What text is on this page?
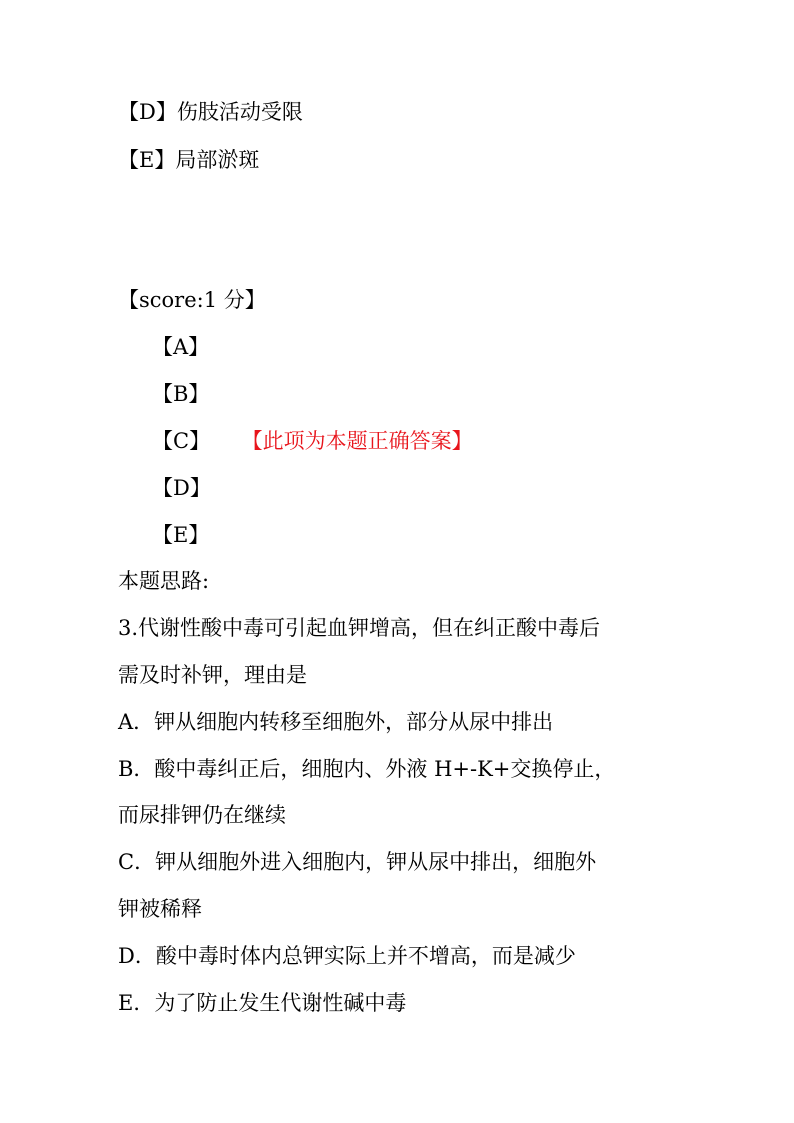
【D】伤肢活动受限
【E】局部淤斑
【score:1 分】
【A】
【B】
【C】 【此项为本题正确答案】
【D】
【E】
本题思路:
3.代谢性酸中毒可引起血钾增高，但在纠正酸中毒后
需及时补钾，理由是
A．钾从细胞内转移至细胞外，部分从尿中排出
B．酸中毒纠正后，细胞内、外液 H+-K+交换停止，
而尿排钾仍在继续
C．钾从细胞外进入细胞内，钾从尿中排出，细胞外
钾被稀释
D．酸中毒时体内总钾实际上并不增高，而是减少
E．为了防止发生代谢性碱中毒
